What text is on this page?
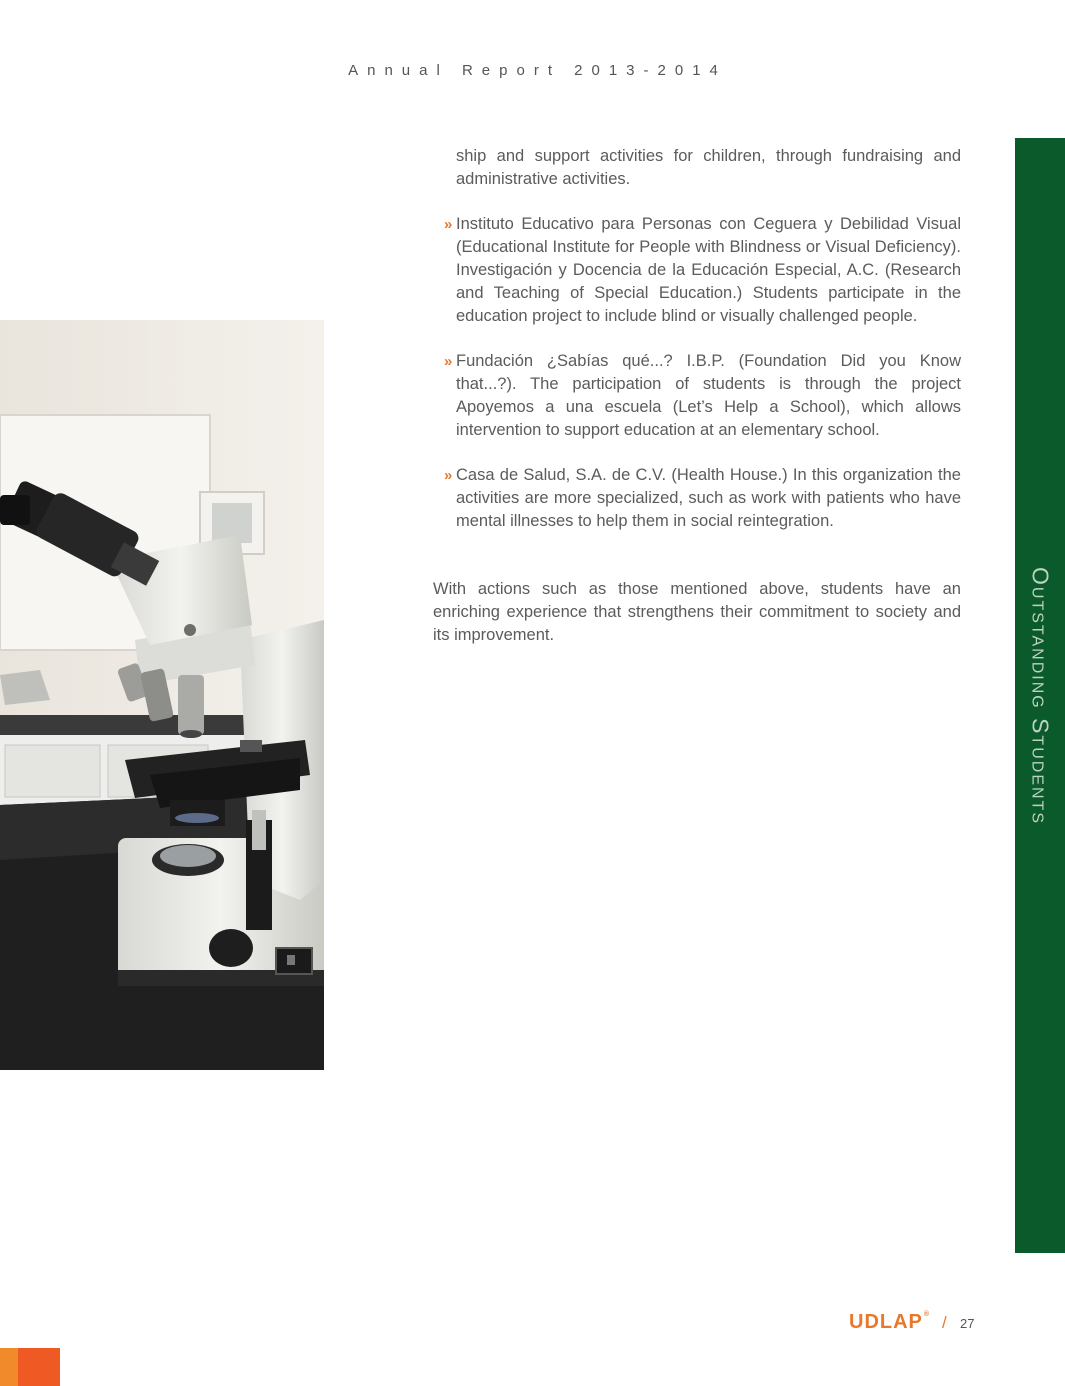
Annual Report 2013-2014

ship and support activities for children, through fundraising and administrative activities.

» Instituto Educativo para Personas con Ceguera y Debilidad Visual (Educational Institute for People with Blindness or Visual Deficiency). Investigación y Docencia de la Educación Especial, A.C. (Research and Teaching of Special Education.) Students participate in the education project to include blind or visually challenged people.
» Fundación ¿Sabías qué...? I.B.P. (Foundation Did you Know that...?). The participation of students is through the project Apoyemos a una escuela (Let’s Help a School), which allows intervention to support education at an elementary school.
» Casa de Salud, S.A. de C.V. (Health House.) In this organization the activities are more specialized, such as work with patients who have mental illnesses to help them in social reintegration.

With actions such as those mentioned above, students have an enriching experience that strengthens their commitment to society and its improvement.	Outstanding Students
UDLAP® / 27
